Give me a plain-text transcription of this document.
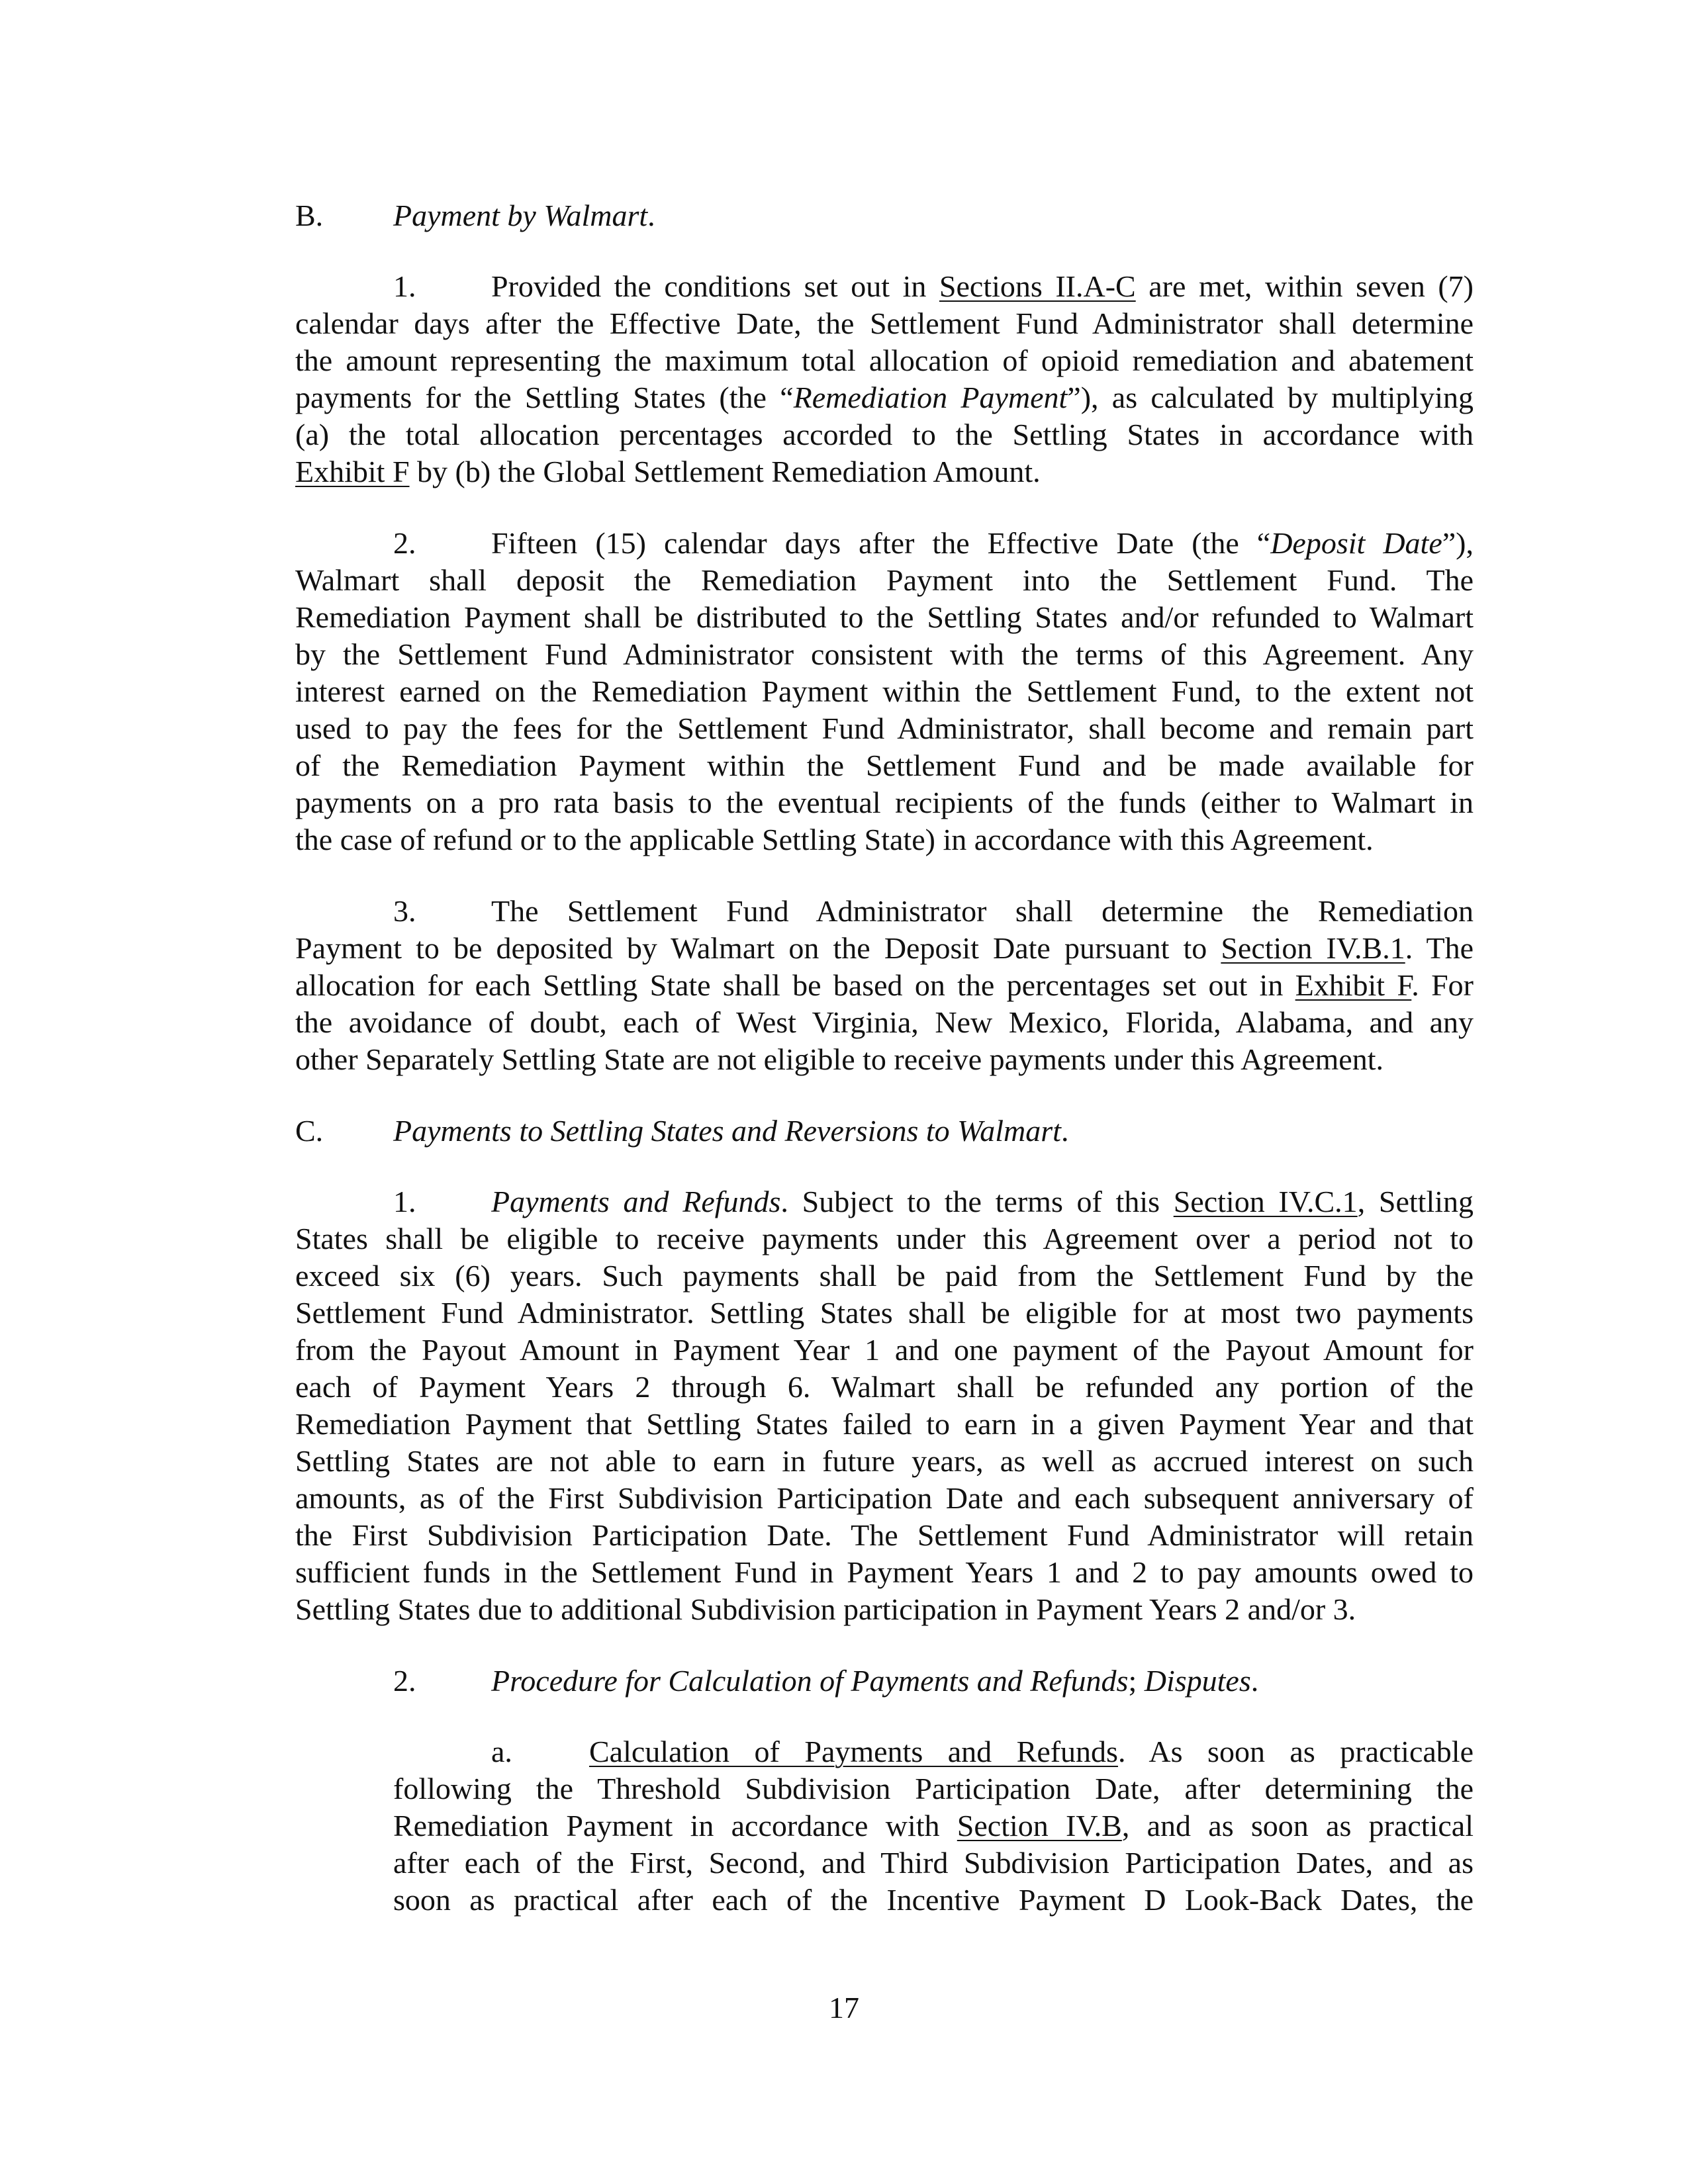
B. Payment by Walmart.
1. Provided the conditions set out in Sections II.A-C are met, within seven (7)
calendar days after the Effective Date, the Settlement Fund Administrator shall determine
the amount representing the maximum total allocation of opioid remediation and abatement
payments for the Settling States (the “Remediation Payment”), as calculated by multiplying
(a) the total allocation percentages accorded to the Settling States in accordance with
Exhibit F by (b) the Global Settlement Remediation Amount.
2. Fifteen (15) calendar days after the Effective Date (the “Deposit Date”),
Walmart shall deposit the Remediation Payment into the Settlement Fund. The
Remediation Payment shall be distributed to the Settling States and/or refunded to Walmart
by the Settlement Fund Administrator consistent with the terms of this Agreement. Any
interest earned on the Remediation Payment within the Settlement Fund, to the extent not
used to pay the fees for the Settlement Fund Administrator, shall become and remain part
of the Remediation Payment within the Settlement Fund and be made available for
payments on a pro rata basis to the eventual recipients of the funds (either to Walmart in
the case of refund or to the applicable Settling State) in accordance with this Agreement.
3. The Settlement Fund Administrator shall determine the Remediation
Payment to be deposited by Walmart on the Deposit Date pursuant to Section IV.B.1. The
allocation for each Settling State shall be based on the percentages set out in Exhibit F. For
the avoidance of doubt, each of West Virginia, New Mexico, Florida, Alabama, and any
other Separately Settling State are not eligible to receive payments under this Agreement.
C. Payments to Settling States and Reversions to Walmart.
1. Payments and Refunds. Subject to the terms of this Section IV.C.1, Settling
States shall be eligible to receive payments under this Agreement over a period not to
exceed six (6) years. Such payments shall be paid from the Settlement Fund by the
Settlement Fund Administrator. Settling States shall be eligible for at most two payments
from the Payout Amount in Payment Year 1 and one payment of the Payout Amount for
each of Payment Years 2 through 6. Walmart shall be refunded any portion of the
Remediation Payment that Settling States failed to earn in a given Payment Year and that
Settling States are not able to earn in future years, as well as accrued interest on such
amounts, as of the First Subdivision Participation Date and each subsequent anniversary of
the First Subdivision Participation Date. The Settlement Fund Administrator will retain
sufficient funds in the Settlement Fund in Payment Years 1 and 2 to pay amounts owed to
Settling States due to additional Subdivision participation in Payment Years 2 and/or 3.
2. Procedure for Calculation of Payments and Refunds; Disputes.
a.	Calculation of Payments and Refunds. As soon as practicable
following the Threshold Subdivision Participation Date, after determining the
Remediation Payment in accordance with Section IV.B, and as soon as practical
after each of the First, Second, and Third Subdivision Participation Dates, and as
soon as practical after each of the Incentive Payment D Look-Back Dates, the
17
